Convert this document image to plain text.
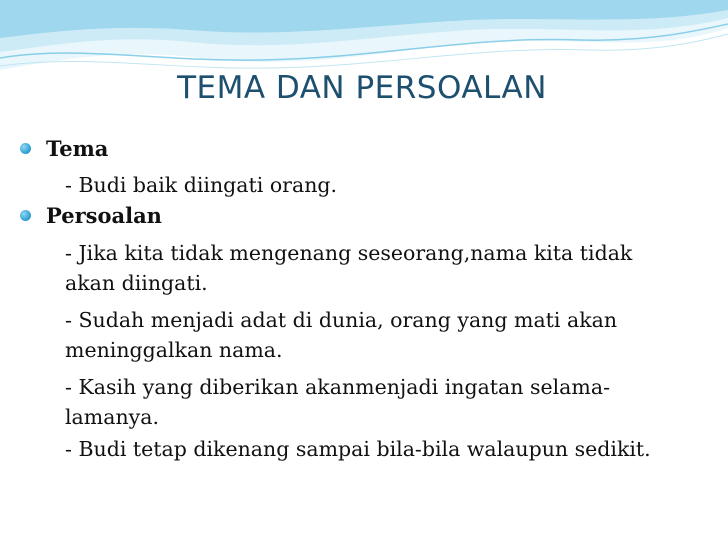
TEMA DAN PERSOALAN
Tema
- Budi baik diingati orang.
Persoalan
- Jika kita tidak mengenang seseorang,nama kita tidak akan diingati.
- Sudah menjadi adat di dunia, orang yang mati akan meninggalkan nama.
- Kasih yang diberikan akanmenjadi ingatan selama-lamanya.
- Budi tetap dikenang sampai bila-bila walaupun sedikit.
